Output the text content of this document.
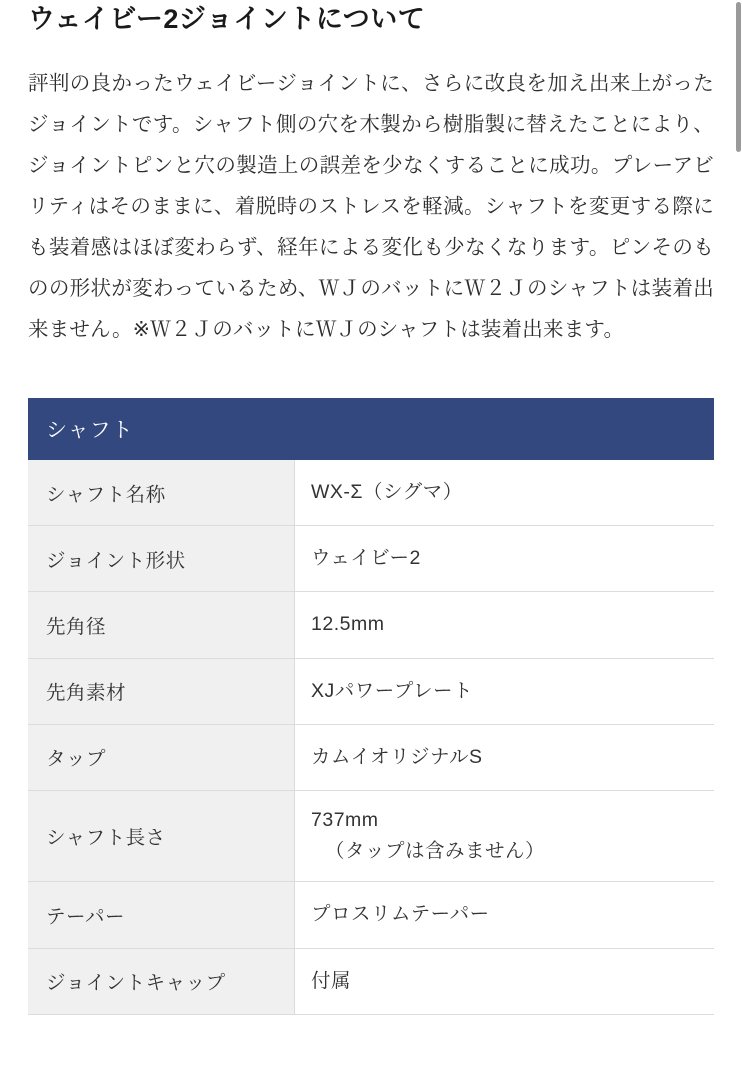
ウェイビー2ジョイントについて

評判の良かったウェイビージョイントに、さらに改良を加え出来上がったジョイントです。シャフト側の穴を木製から樹脂製に替えたことにより、ジョイントピンと穴の製造上の誤差を少なくすることに成功。プレーアビリティはそのままに、着脱時のストレスを軽減。シャフトを変更する際にも装着感はほぼ変わらず、経年による変化も少なくなります。ピンそのものの形状が変わっているため、ＷＪのバットにＷ２Ｊのシャフトは装着出来ません。※Ｗ２ＪのバットにＷＪのシャフトは装着出来ます。

シャフト
シャフト名称	WX-Σ（シグマ）
ジョイント形状	ウェイビー2
先角径	12.5mm
先角素材	XJパワープレート
タップ	カムイオリジナルS
シャフト長さ	737mm
（タップは含みません）

テーパー	プロスリムテーパー
ジョイントキャップ	付属
